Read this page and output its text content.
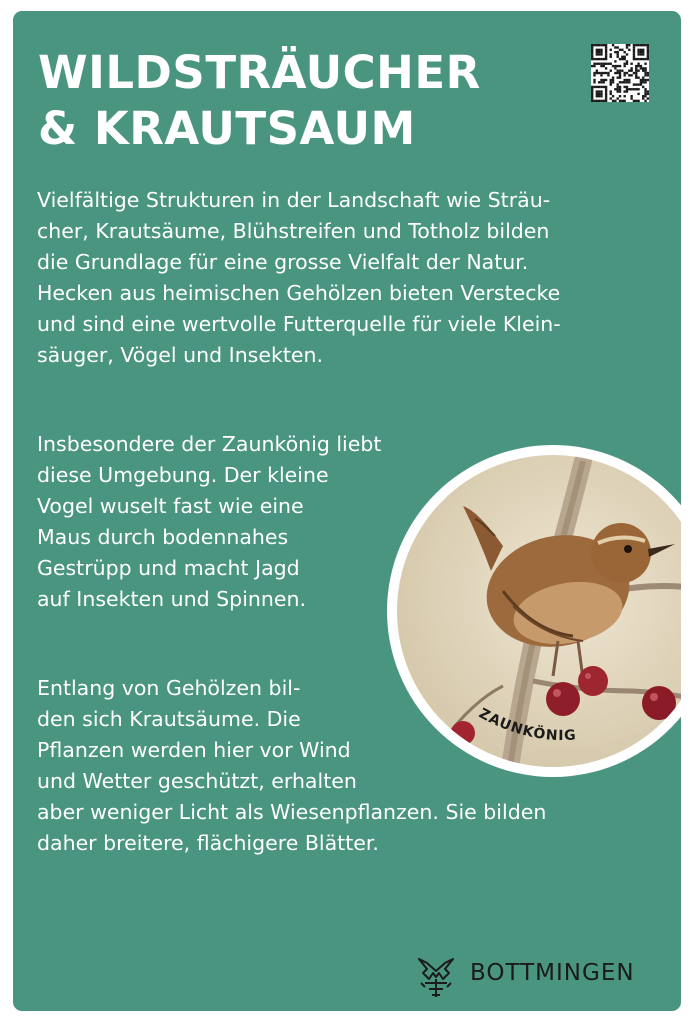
WILDSTRÄUCHER
& KRAUTSAUM

Vielfältige Strukturen in der Landschaft wie Sträu-
cher, Krautsäume, Blühstreifen und Totholz bilden
die Grundlage für eine grosse Vielfalt der Natur.
Hecken aus heimischen Gehölzen bieten Verstecke
und sind eine wertvolle Futterquelle für viele Klein-
säuger, Vögel und Insekten.

Insbesondere der Zaunkönig liebt
diese Umgebung. Der kleine
Vogel wuselt fast wie eine
Maus durch bodennahes
Gestrüpp und macht Jagd
auf Insekten und Spinnen.

Entlang von Gehölzen bil-
den sich Krautsäume. Die
Pflanzen werden hier vor Wind
und Wetter geschützt, erhalten
aber weniger Licht als Wiesenpflanzen. Sie bilden
daher breitere, flächigere Blätter.

ZAUNKÖNIG
BOTTMINGEN
